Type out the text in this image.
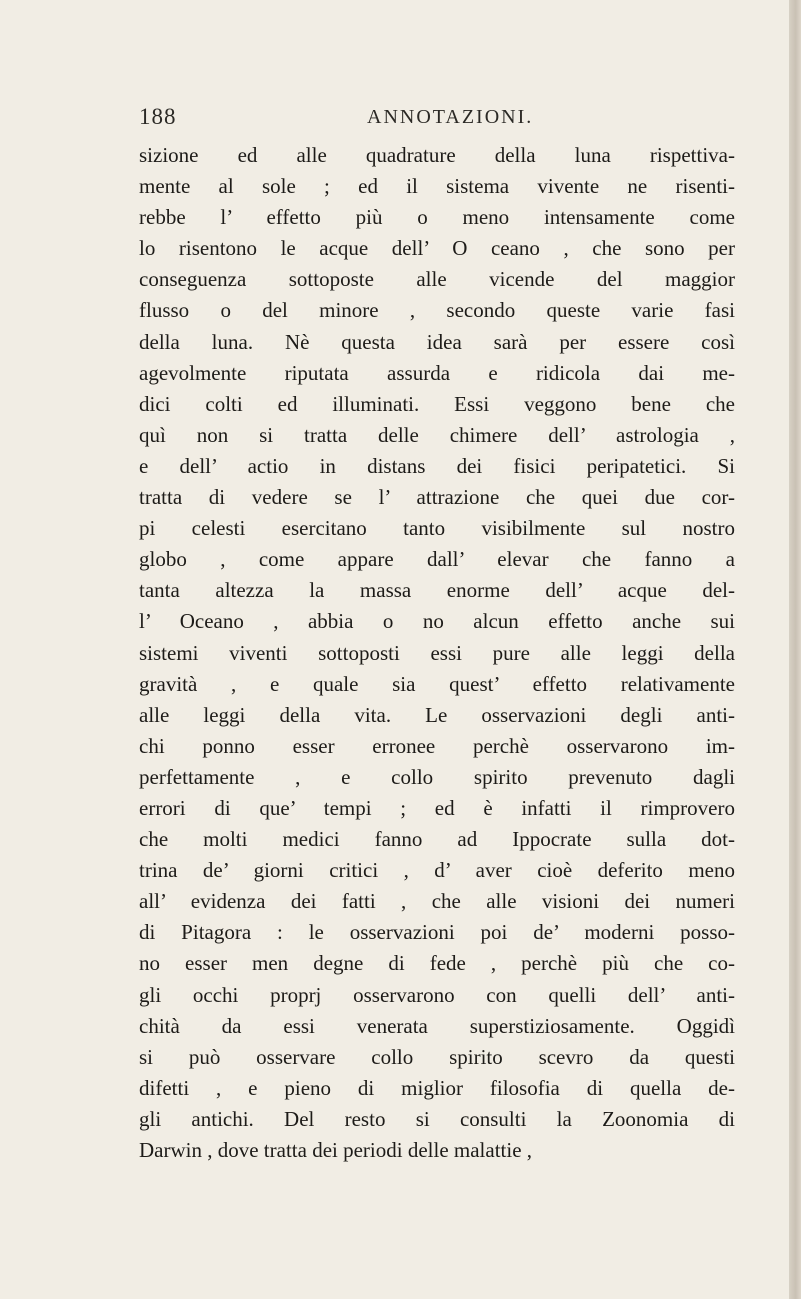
188	ANNOTAZIONI.
sizione ed alle quadrature della luna rispettiva-
mente al sole ; ed il sistema vivente ne risenti-
rebbe l’ effetto più o meno intensamente come
lo risentono le acque dell’ O ceano , che sono per
conseguenza sottoposte alle vicende del maggior
flusso o del minore , secondo queste varie fasi
della luna. Nè questa idea sarà per essere così
agevolmente riputata assurda e ridicola dai me-
dici colti ed illuminati. Essi veggono bene che
quì non si tratta delle chimere dell’ astrologia ,
e dell’ actio in distans dei fisici peripatetici. Si
tratta di vedere se l’ attrazione che quei due cor-
pi celesti esercitano tanto visibilmente sul nostro
globo , come appare dall’ elevar che fanno a
tanta altezza la massa enorme dell’ acque del-
l’ Oceano , abbia o no alcun effetto anche sui
sistemi viventi sottoposti essi pure alle leggi della
gravità , e quale sia quest’ effetto relativamente
alle leggi della vita. Le osservazioni degli anti-
chi ponno esser erronee perchè osservarono im-
perfettamente , e collo spirito prevenuto dagli
errori di que’ tempi ; ed è infatti il rimprovero
che molti medici fanno ad Ippocrate sulla dot-
trina de’ giorni critici , d’ aver cioè deferito meno
all’ evidenza dei fatti , che alle visioni dei numeri
di Pitagora : le osservazioni poi de’ moderni posso-
no esser men degne di fede , perchè più che co-
gli occhi proprj osservarono con quelli dell’ anti-
chità da essi venerata superstiziosamente. Oggidì
si può osservare collo spirito scevro da questi
difetti , e pieno di miglior filosofia di quella de-
gli antichi. Del resto si consulti la Zoonomia di
Darwin , dove tratta dei periodi delle malattie ,
